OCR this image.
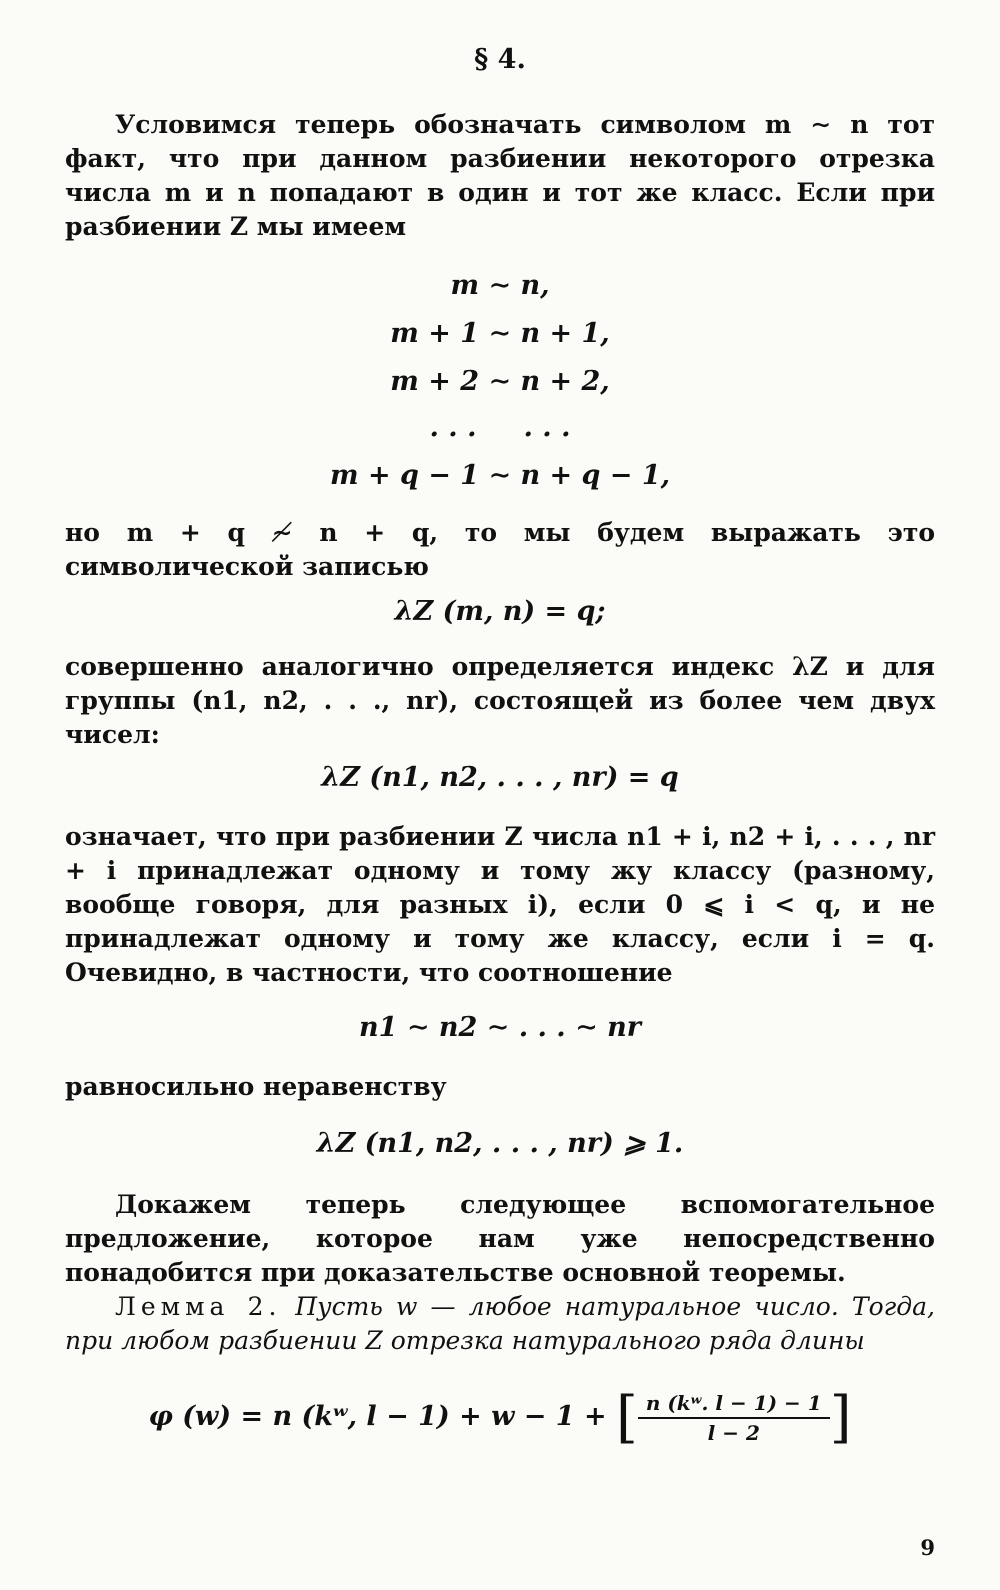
§ 4.

Условимся теперь обозначать символом m ∼ n тот факт, что при данном разбиении некоторого отрезка числа m и n попадают в один и тот же класс. Если при разбиении Z мы имеем

m ∼ n,
m + 1 ∼ n + 1,
m + 2 ∼ n + 2,
. . .     . . .
m + q − 1 ∼ n + q − 1,

но m + q ≁ n + q, то мы будем выражать это символической записью

λZ (m, n) = q;

совершенно аналогично определяется индекс λZ и для группы (n1, n2, . . ., nr), состоящей из более чем двух чисел:

λZ (n1, n2, . . . , nr) = q

означает, что при разбиении Z числа n1 + i, n2 + i, . . . , nr + i принадлежат одному и тому жу классу (разному, вообще говоря, для разных i), если 0 ⩽ i < q, и не принадлежат одному и тому же классу, если i = q. Очевидно, в частности, что соотношение

n1 ∼ n2 ∼ . . . ∼ nr

равносильно неравенству

λZ (n1, n2, . . . , nr) ⩾ 1.

Докажем теперь следующее вспомогательное предложение, которое нам уже непосредственно понадобится при доказательстве основной теоремы.

Лемма 2. Пусть w — любое натуральное число. Тогда, при любом разбиении Z отрезка натурального ряда длины

φ (w) = n (kʷ, l − 1) + w − 1 + [ $\frac{\text{n (kʷ. l − 1) − 1}}{l - 2}$ ]
9
